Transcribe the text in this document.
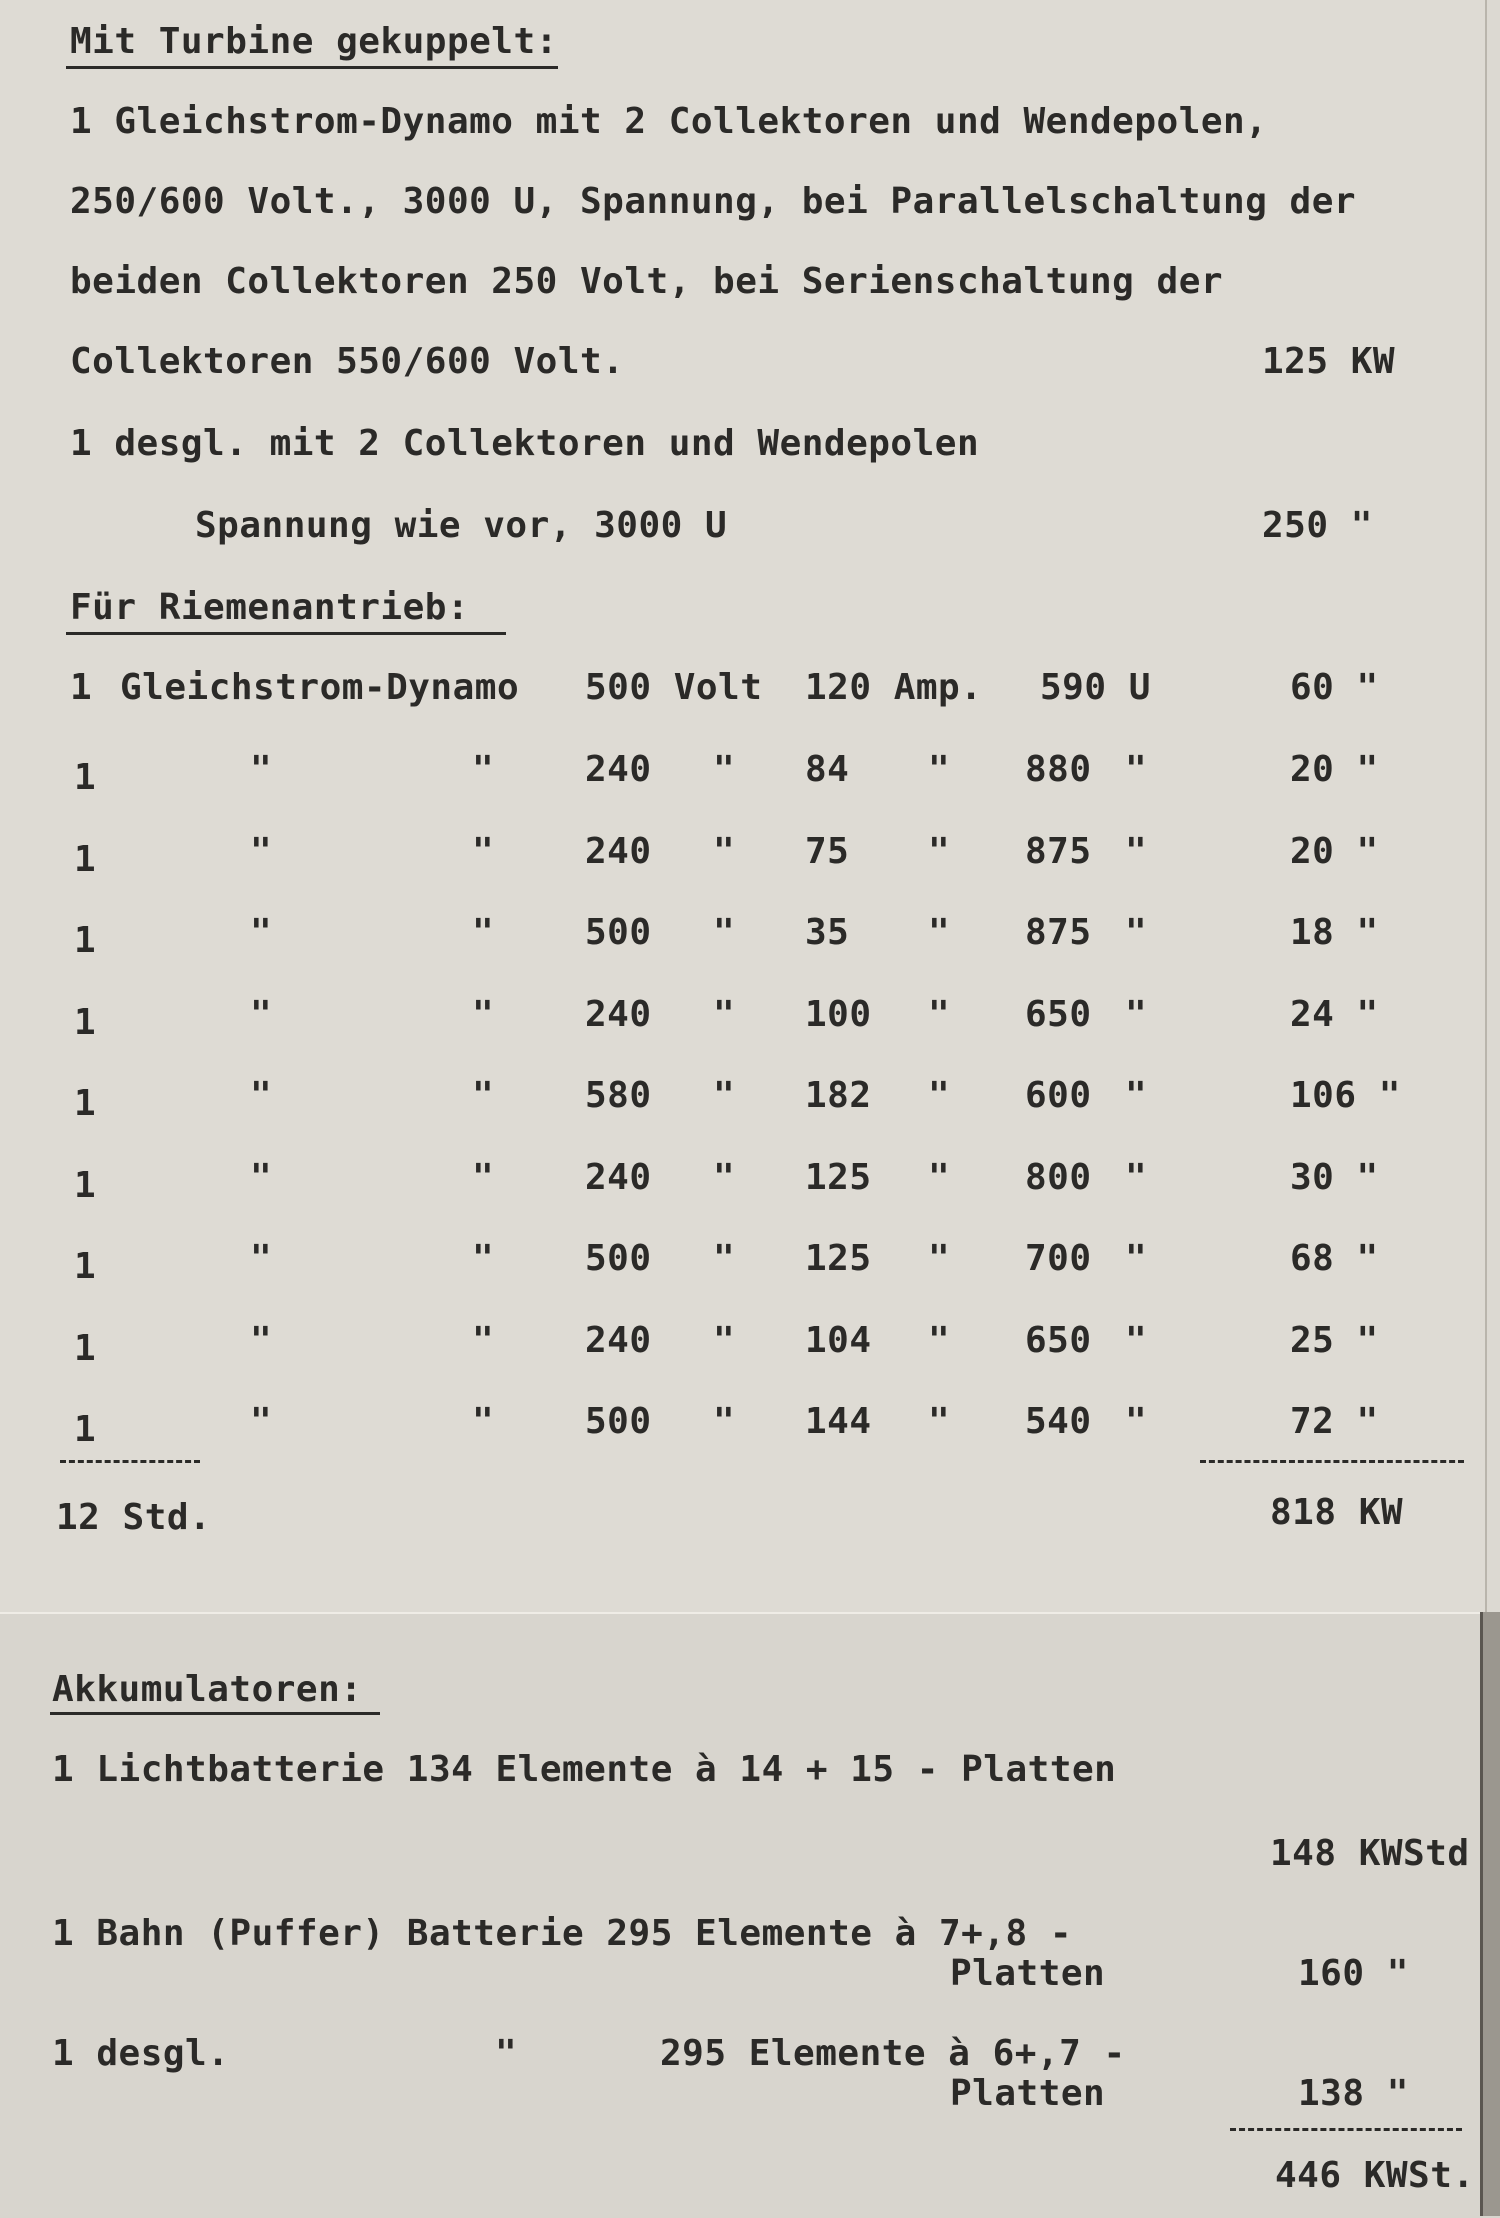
Mit Turbine gekuppelt:
1 Gleichstrom-Dynamo mit 2 Collektoren und Wendepolen,
250/600 Volt., 3000 U, Spannung, bei Parallelschaltung der
beiden Collektoren 250 Volt, bei Serienschaltung der
Collektoren 550/600 Volt.	125 KW
1 desgl. mit 2 Collektoren und Wendepolen
Spannung wie vor, 3000 U	250 "
Für Riemenantrieb:
1 Gleichstrom-Dynamo 500 Volt 120 Amp. 590 U	60 "
1	"	"	240 " 84 " 880 "	20 "
1	"	"	240 " 75 " 875 "	20 "
1	"	"	500 " 35 " 875 "	18 "
1	"	"	240 " 100 " 650 "	24 "
1	"	"	580 " 182 " 600 "	106 "
1	"	"	240 " 125 " 800 "	30 "
1	"	"	500 " 125 " 700 "	68 "
1	"	"	240 " 104 " 650 "	25 "
1	"	"	500 " 144 " 540 "	72 "
12 Std.	818 KW
Akkumulatoren:
1 Lichtbatterie 134 Elemente à 14 + 15 - Platten
148 KWStd
1 Bahn (Puffer) Batterie 295 Elemente à 7+,8 -
Platten	160 "
1 desgl.	"	295 Elemente à 6+,7 -
Platten	138 "
446 KWSt.
